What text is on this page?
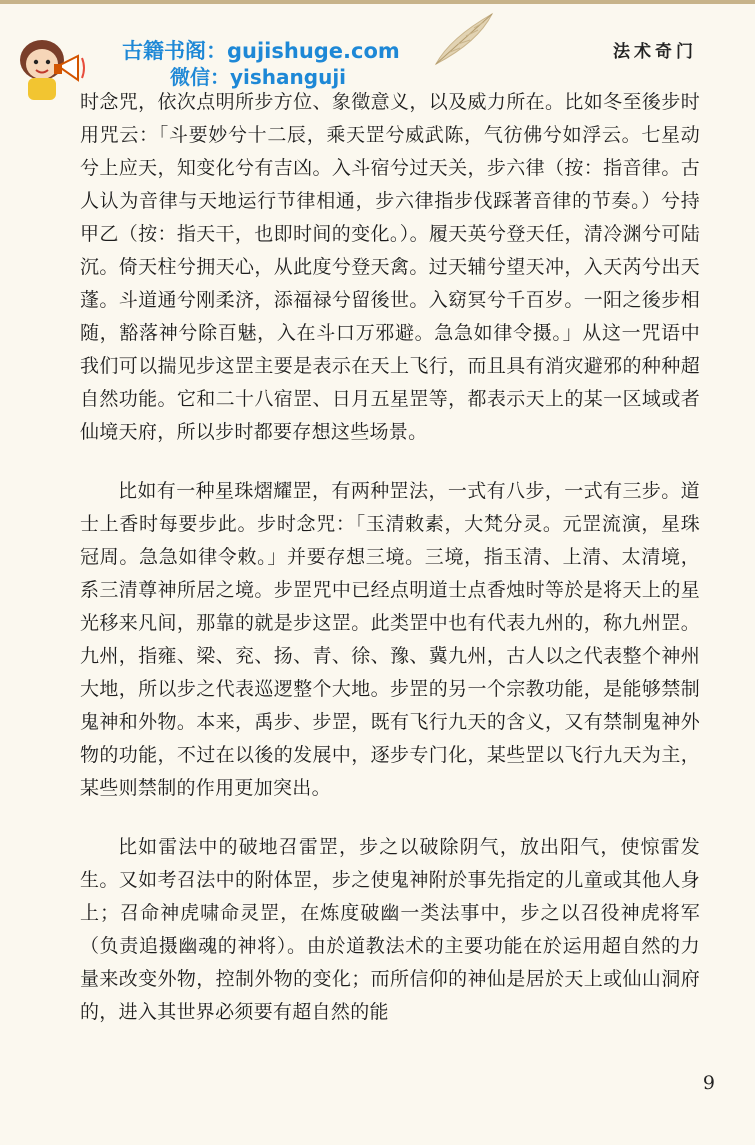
古籍书阁：gujishuge.com
微信：yishanguji
法术奇门

时念咒，依次点明所步方位、象徵意义，以及威力所在。比如冬至後步时用咒云：「斗要妙兮十二辰，乘天罡兮威武陈，气彷佛兮如浮云。七星动兮上应天，知变化兮有吉凶。入斗宿兮过天关，步六律（按：指音律。古人认为音律与天地运行节律相通，步六律指步伐踩著音律的节奏。）兮持甲乙（按：指天干，也即时间的变化。）。履天英兮登天任，清冷渊兮可陆沉。倚天柱兮拥天心，从此度兮登天禽。过天辅兮望天冲，入天芮兮出天蓬。斗道通兮刚柔济，添福禄兮留後世。入窈冥兮千百岁。一阳之後步相随，豁落神兮除百魅，入在斗口万邪避。急急如律令摄。」从这一咒语中我们可以揣见步这罡主要是表示在天上飞行，而且具有消灾避邪的种种超自然功能。它和二十八宿罡、日月五星罡等，都表示天上的某一区域或者仙境天府，所以步时都要存想这些场景。

比如有一种星珠熠耀罡，有两种罡法，一式有八步，一式有三步。道士上香时每要步此。步时念咒：「玉清敕素，大梵分灵。元罡流演，星珠冠周。急急如律令敕。」并要存想三境。三境，指玉清、上清、太清境，系三清尊神所居之境。步罡咒中已经点明道士点香烛时等於是将天上的星光移来凡间，那靠的就是步这罡。此类罡中也有代表九州的，称九州罡。九州，指雍、梁、兖、扬、青、徐、豫、冀九州，古人以之代表整个神州大地，所以步之代表巡逻整个大地。步罡的另一个宗教功能，是能够禁制鬼神和外物。本来，禹步、步罡，既有飞行九天的含义，又有禁制鬼神外物的功能，不过在以後的发展中，逐步专门化，某些罡以飞行九天为主，某些则禁制的作用更加突出。

比如雷法中的破地召雷罡，步之以破除阴气，放出阳气，使惊雷发生。又如考召法中的附体罡，步之使鬼神附於事先指定的儿童或其他人身上；召命神虎啸命灵罡，在炼度破幽一类法事中，步之以召役神虎将军（负责追摄幽魂的神将）。由於道教法术的主要功能在於运用超自然的力量来改变外物，控制外物的变化；而所信仰的神仙是居於天上或仙山洞府的，进入其世界必须要有超自然的能

9
